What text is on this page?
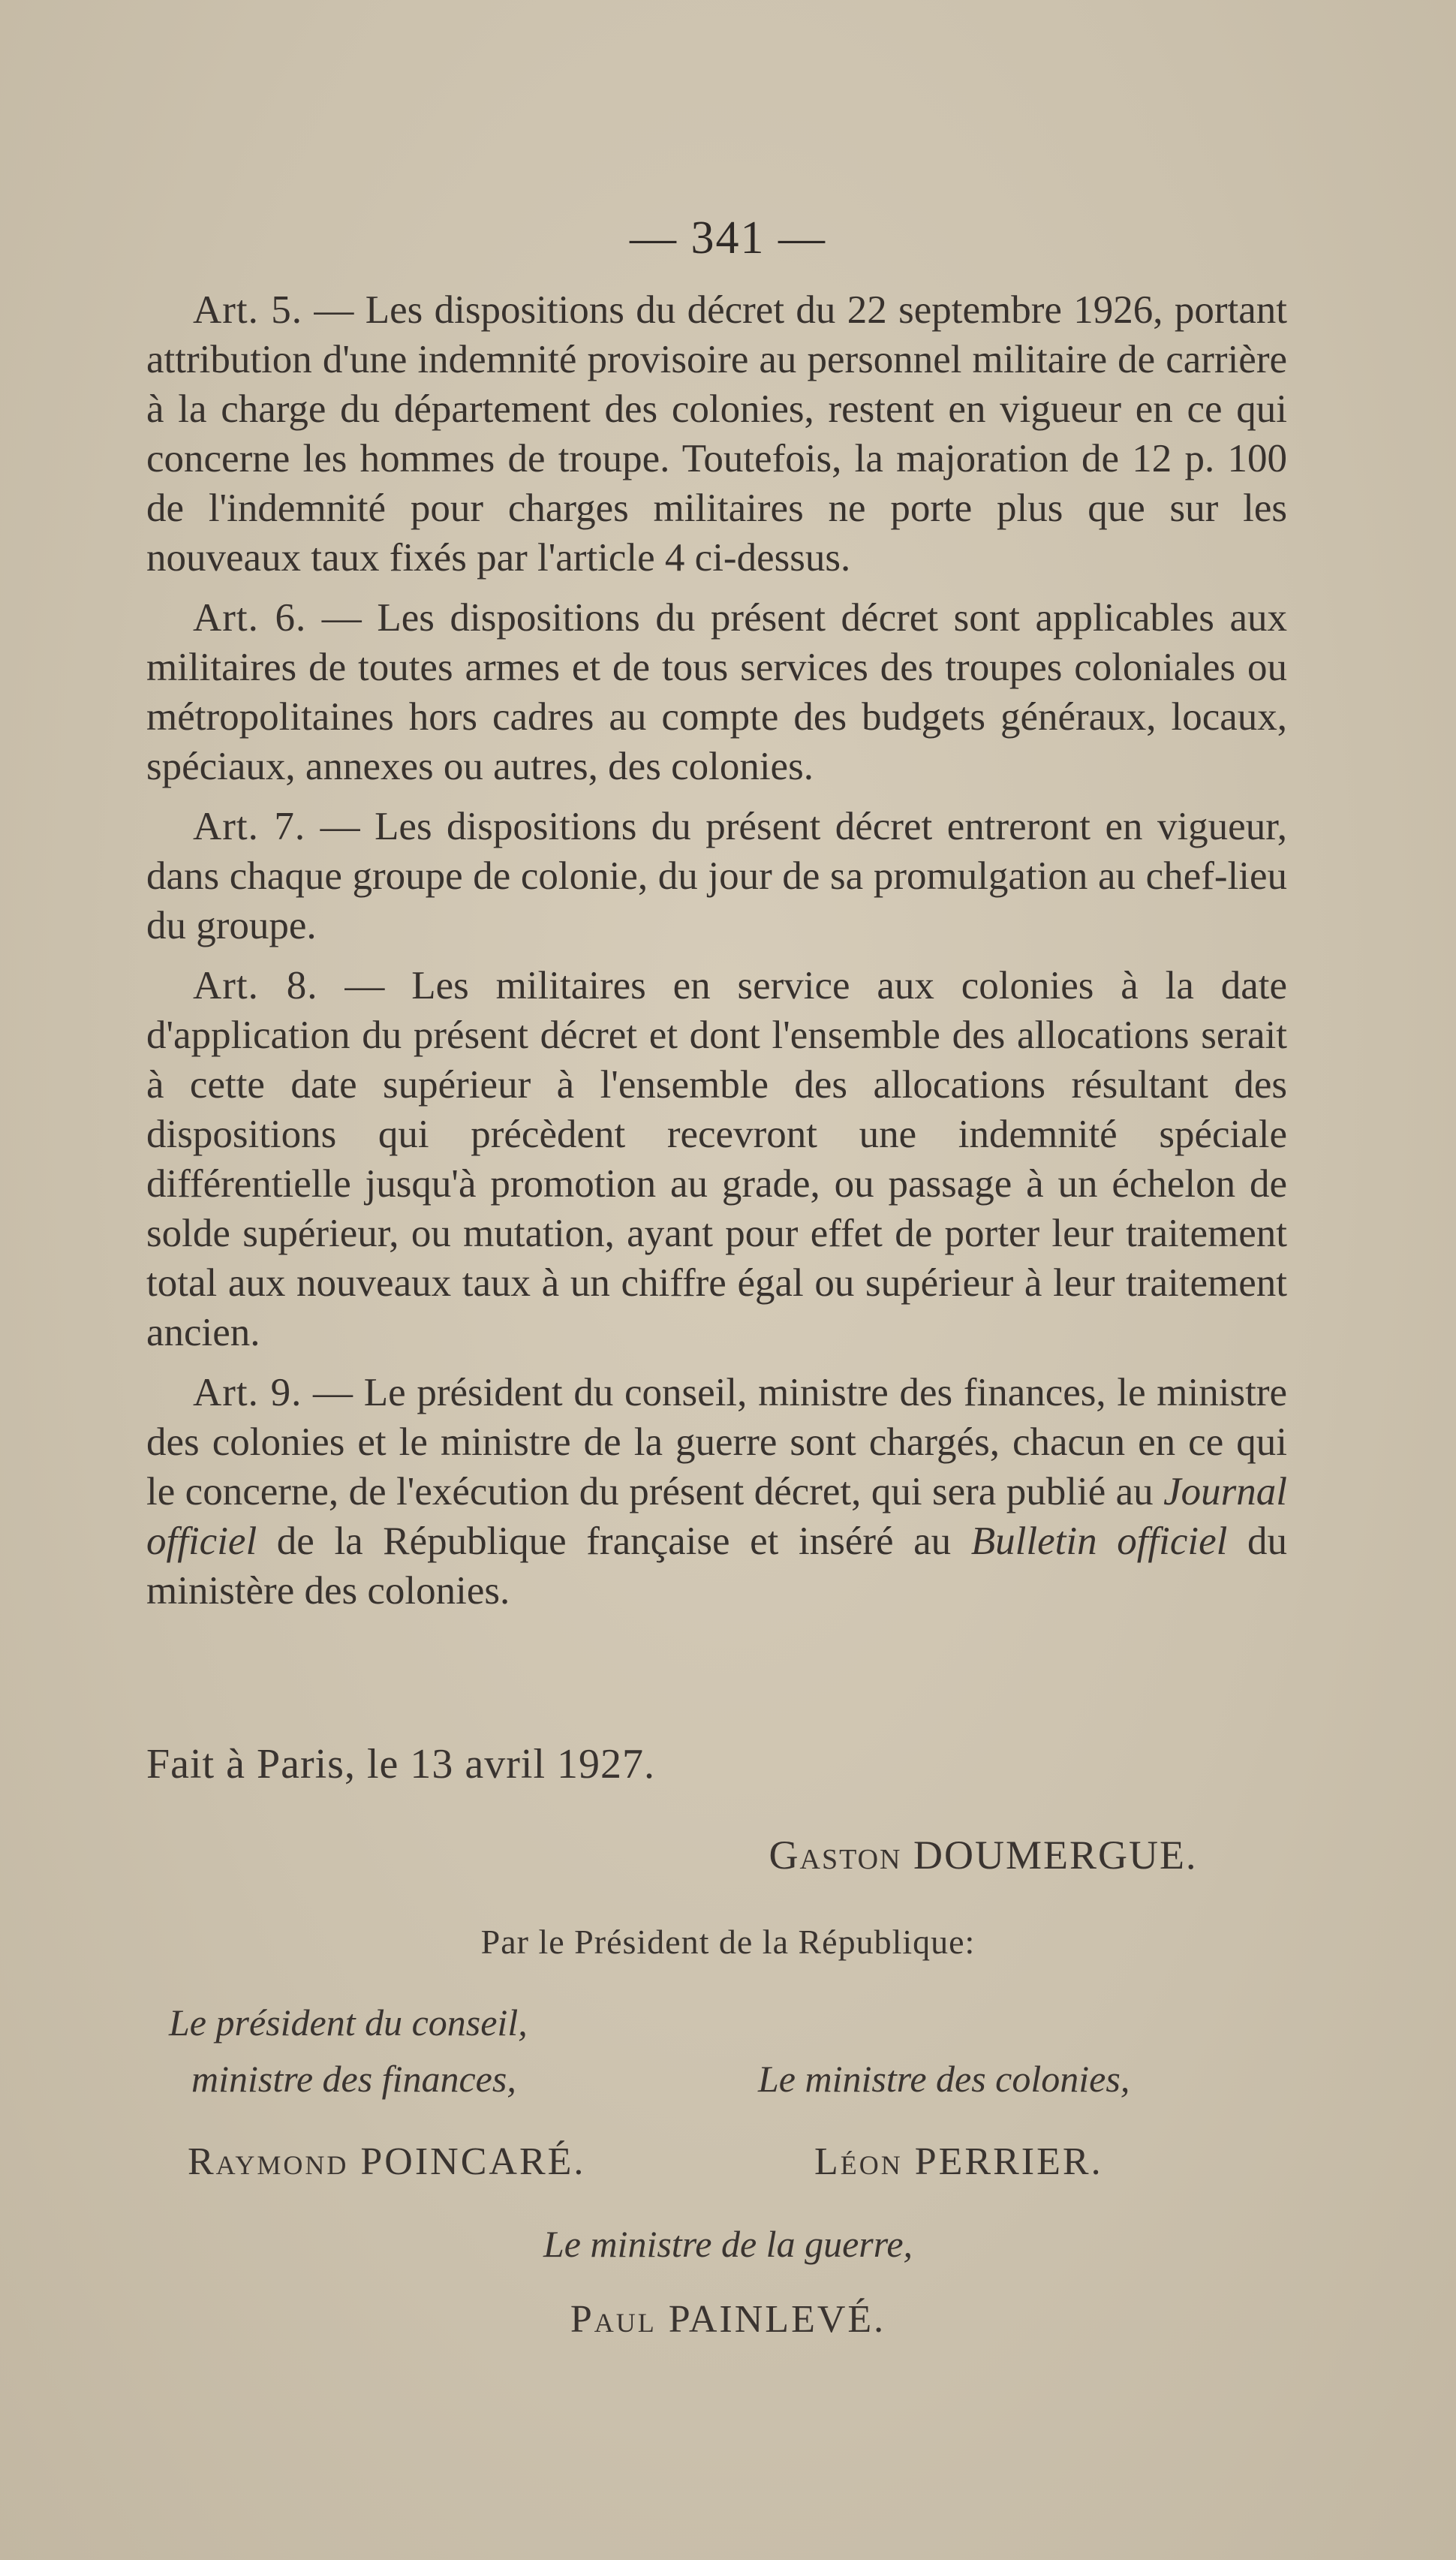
— 341 —

Art. 5. — Les dispositions du décret du 22 septembre 1926, portant attribution d'une indemnité provisoire au personnel militaire de carrière à la charge du département des colonies, restent en vigueur en ce qui concerne les hommes de troupe. Toutefois, la majoration de 12 p. 100 de l'indemnité pour charges militaires ne porte plus que sur les nouveaux taux fixés par l'article 4 ci-dessus.

Art. 6. — Les dispositions du présent décret sont applicables aux militaires de toutes armes et de tous services des troupes coloniales ou métropolitaines hors cadres au compte des budgets généraux, locaux, spéciaux, annexes ou autres, des colonies.

Art. 7. — Les dispositions du présent décret entreront en vigueur, dans chaque groupe de colonie, du jour de sa promulgation au chef-lieu du groupe.

Art. 8. — Les militaires en service aux colonies à la date d'application du présent décret et dont l'ensemble des allocations serait à cette date supérieur à l'ensemble des allocations résultant des dispositions qui précèdent recevront une indemnité spéciale différentielle jusqu'à promotion au grade, ou passage à un échelon de solde supérieur, ou mutation, ayant pour effet de porter leur traitement total aux nouveaux taux à un chiffre égal ou supérieur à leur traitement ancien.

Art. 9. — Le président du conseil, ministre des finances, le ministre des colonies et le ministre de la guerre sont chargés, chacun en ce qui le concerne, de l'exécution du présent décret, qui sera publié au Journal officiel de la République française et inséré au Bulletin officiel du ministère des colonies.

Fait à Paris, le 13 avril 1927.
Gaston DOUMERGUE.
Par le Président de la République:
Le président du conseil,
ministre des finances,	Le ministre des colonies,
Raymond POINCARÉ.	Léon PERRIER.
Le ministre de la guerre,
Paul PAINLEVÉ.
